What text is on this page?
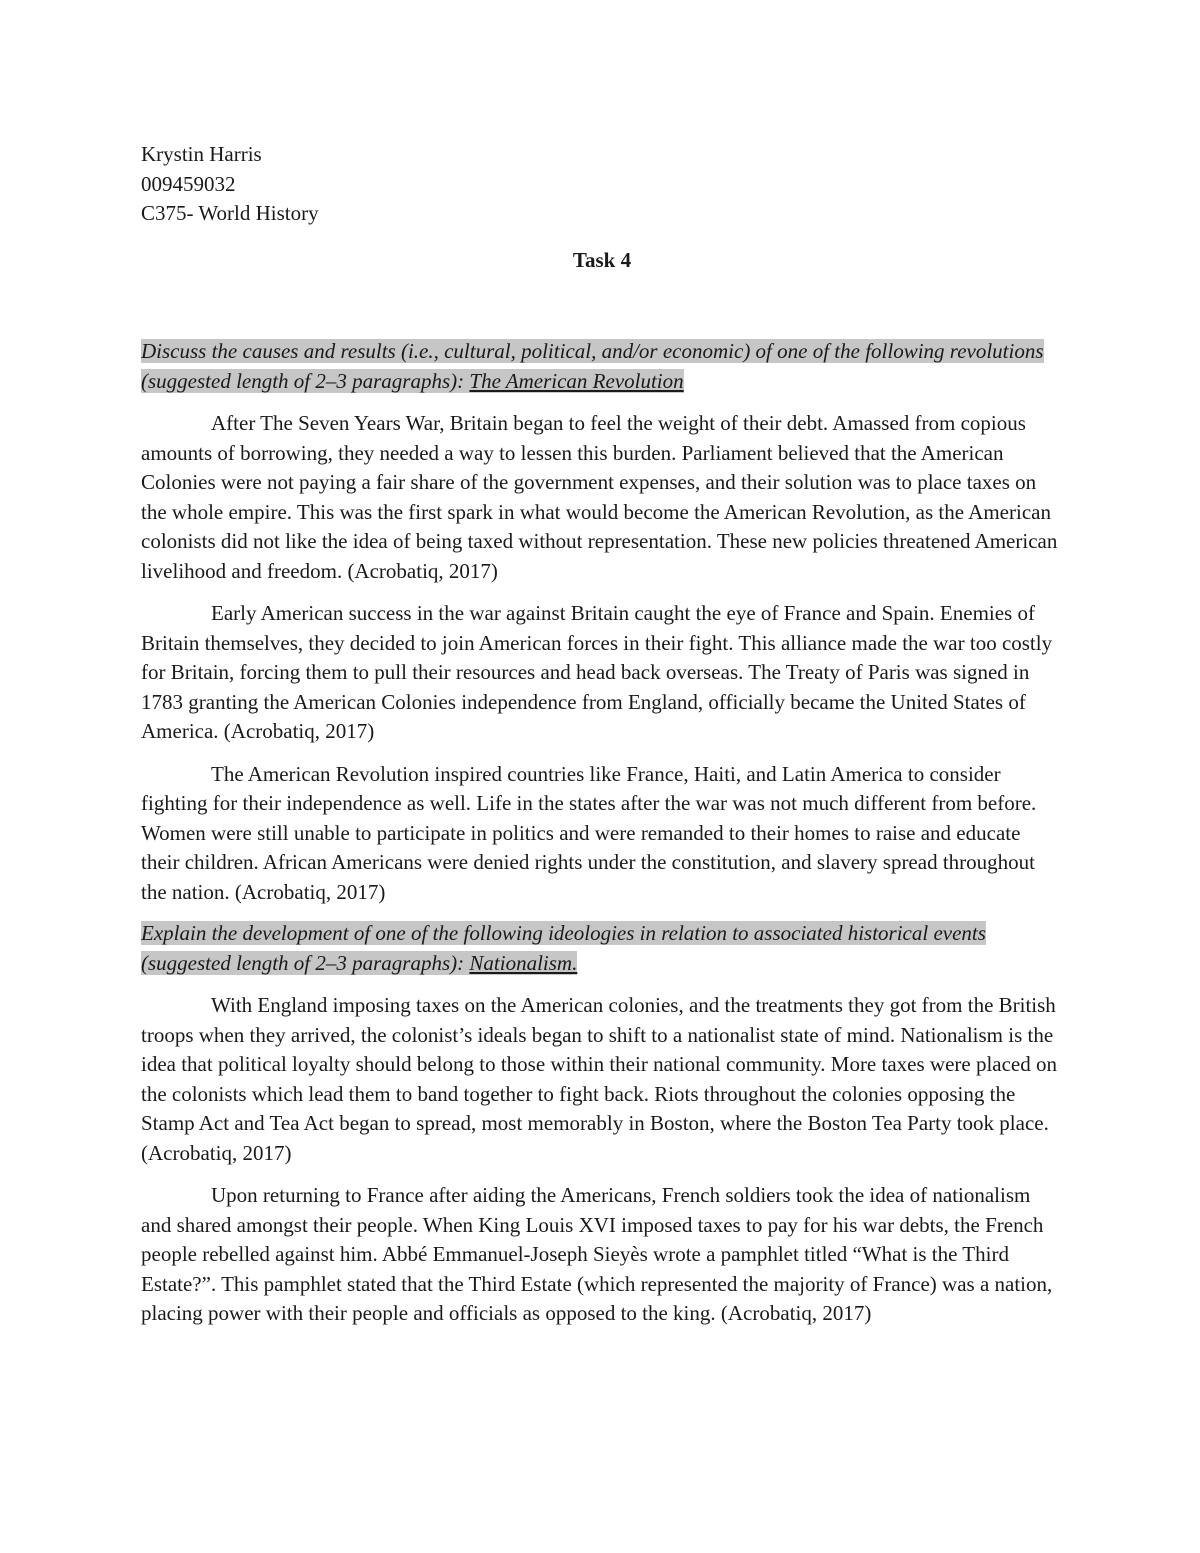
Krystin Harris
009459032
C375- World History
Task 4
Discuss the causes and results (i.e., cultural, political, and/or economic) of one of the following revolutions (suggested length of 2–3 paragraphs): The American Revolution

After The Seven Years War, Britain began to feel the weight of their debt. Amassed from copious amounts of borrowing, they needed a way to lessen this burden. Parliament believed that the American Colonies were not paying a fair share of the government expenses, and their solution was to place taxes on the whole empire. This was the first spark in what would become the American Revolution, as the American colonists did not like the idea of being taxed without representation. These new policies threatened American livelihood and freedom. (Acrobatiq, 2017)

Early American success in the war against Britain caught the eye of France and Spain. Enemies of Britain themselves, they decided to join American forces in their fight. This alliance made the war too costly for Britain, forcing them to pull their resources and head back overseas. The Treaty of Paris was signed in 1783 granting the American Colonies independence from England, officially became the United States of America. (Acrobatiq, 2017)

The American Revolution inspired countries like France, Haiti, and Latin America to consider fighting for their independence as well. Life in the states after the war was not much different from before. Women were still unable to participate in politics and were remanded to their homes to raise and educate their children. African Americans were denied rights under the constitution, and slavery spread throughout the nation. (Acrobatiq, 2017)

Explain the development of one of the following ideologies in relation to associated historical events (suggested length of 2–3 paragraphs): Nationalism.

With England imposing taxes on the American colonies, and the treatments they got from the British troops when they arrived, the colonist’s ideals began to shift to a nationalist state of mind. Nationalism is the idea that political loyalty should belong to those within their national community. More taxes were placed on the colonists which lead them to band together to fight back. Riots throughout the colonies opposing the Stamp Act and Tea Act began to spread, most memorably in Boston, where the Boston Tea Party took place. (Acrobatiq, 2017)

Upon returning to France after aiding the Americans, French soldiers took the idea of nationalism and shared amongst their people. When King Louis XVI imposed taxes to pay for his war debts, the French people rebelled against him. Abbé Emmanuel-Joseph Sieyès wrote a pamphlet titled “What is the Third Estate?”. This pamphlet stated that the Third Estate (which represented the majority of France) was a nation, placing power with their people and officials as opposed to the king. (Acrobatiq, 2017)
